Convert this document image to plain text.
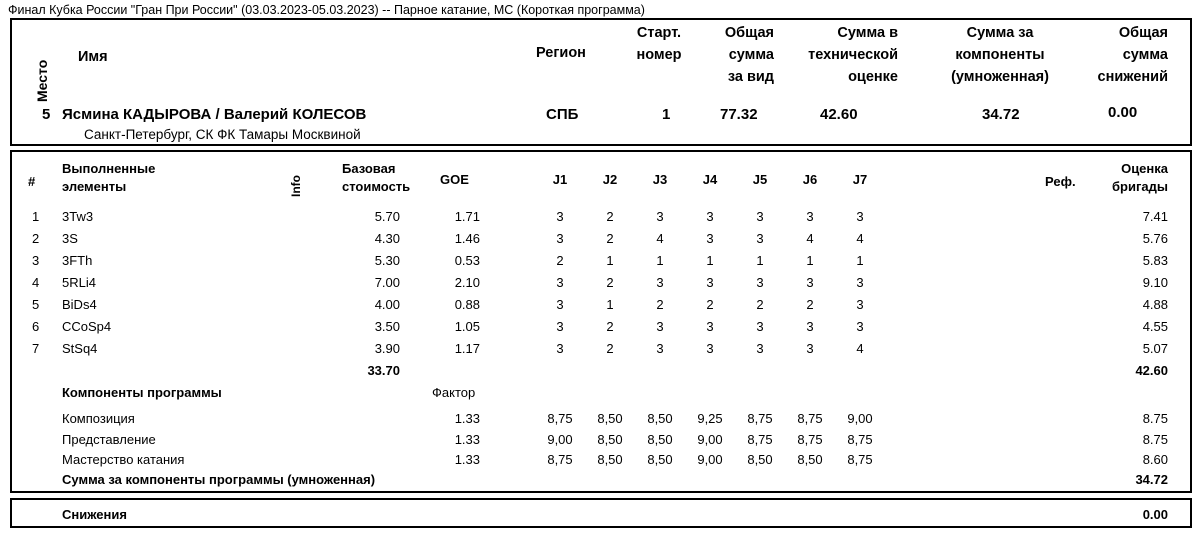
Финал Кубка России "Гран При России" (03.03.2023-05.03.2023) -- Парное катание, МС (Короткая программа)
Место
Имя	Регион
Старт.
номер
Общая
сумма
за вид
Сумма в
технической
оценке
Сумма за
компоненты
(умноженная)
Общая
сумма
снижений
5 Ясмина КАДЫРОВА / Валерий КОЛЕСОВ
Санкт-Петербург, СК ФК Тамары Москвиной
СПБ	1	77.32	42.60	34.72	0.00
#
Выполненные
элементы	Info
Базовая
стоимость GOE	J1	J2	J3	J4	J5	J6	J7	Реф.
Оценка
бригады
1 3Tw3	5.70	1.71	3	2	3	3	3	3	3	7.41
2 3S	4.30	1.46	3	2	4	3	3	4	4	5.76
3 3FTh	5.30	0.53	2	1	1	1	1	1	1	5.83
4 5RLi4	7.00	2.10	3	2	3	3	3	3	3	9.10
5 BiDs4	4.00	0.88	3	1	2	2	2	2	3	4.88
6 CCoSp4	3.50	1.05	3	2	3	3	3	3	3	4.55
7 StSq4	3.90	1.17	3	2	3	3	3	3	4	5.07
33.70	42.60
Компоненты программы	Фактор
Композиция	1.33	8,75	8,50	8,50	9,25	8,75	8,75	9,00	8.75
Представление	1.33	9,00	8,50	8,50	9,00	8,75	8,75	8,75	8.75
Мастерство катания	1.33	8,75	8,50	8,50	9,00	8,50	8,50	8,75	8.60
Сумма за компоненты программы (умноженная)	34.72
Снижения	0.00
